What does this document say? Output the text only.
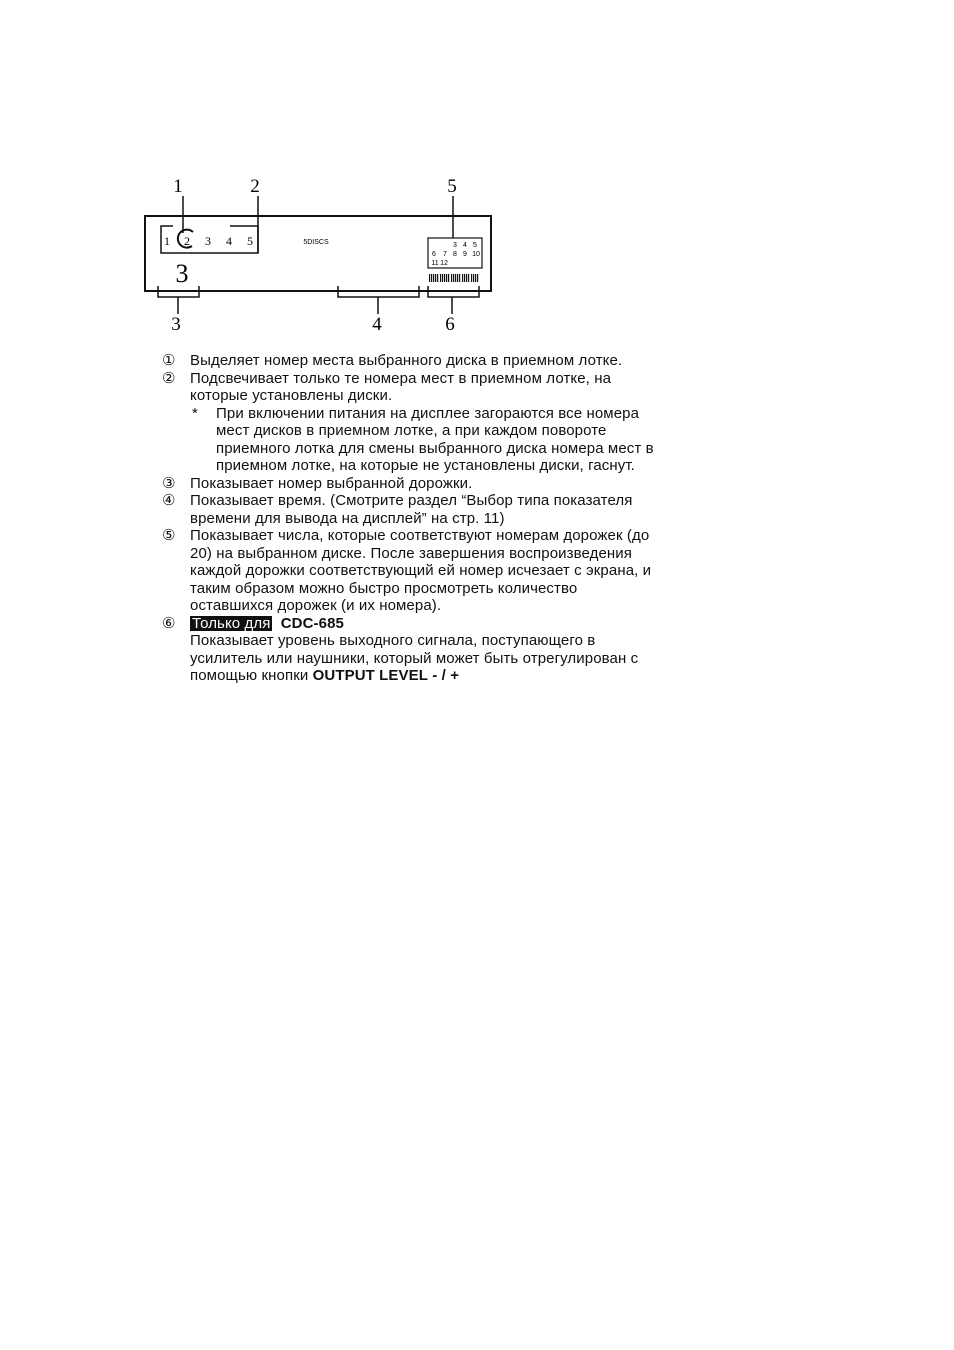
1	2	5
3	4	6
1 2 3 4 5	5DISCS
3
3 4 5
6 7 8 9 10
11 12
① Выделяет номер места выбранного диска в приемном лотке.
② Подсвечивает только те номера мест в приемном лотке, на которые установлены диски.
* При включении питания на дисплее загораются все номера мест дисков в приемном лотке, а при каждом повороте приемного лотка для смены выбранного диска номера мест в приемном лотке, на которые не установлены диски, гаснут.
③ Показывает номер выбранной дорожки.
④ Показывает время. (Смотрите раздел “Выбор типа показателя времени для вывода на дисплей” на стр. 11)
⑤ Показывает числа, которые соответствуют номерам дорожек (до 20) на выбранном диске. После завершения воспроизведения каждой дорожки соответствующий ей номер исчезает с экрана, и таким образом можно быстро просмотреть количество оставшихся дорожек (и их номера).
⑥ Только для CDC-685
Показывает уровень выходного сигнала, поступающего в усилитель или наушники, который может быть отрегулирован с помощью кнопки OUTPUT LEVEL - / +
